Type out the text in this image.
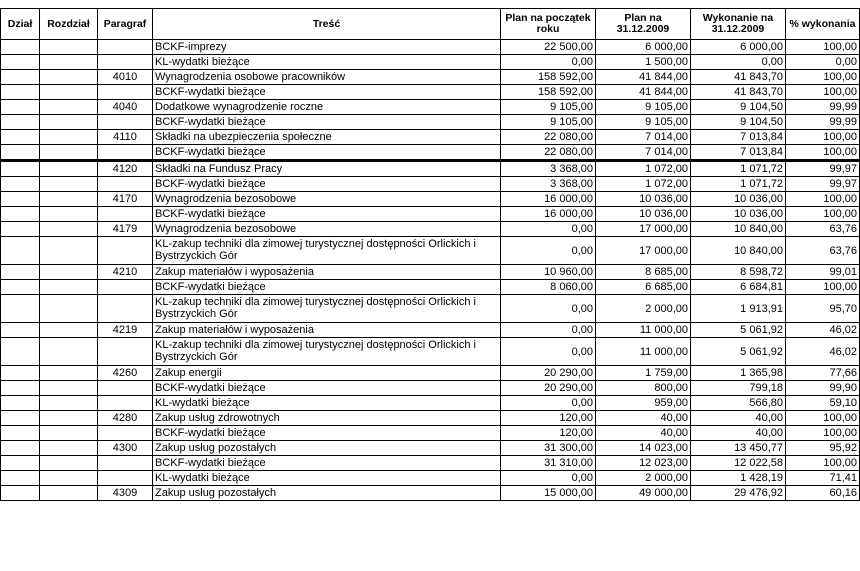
Dział	Rozdział	Paragraf	Treść	Plan na początek roku	Plan na 31.12.2009	Wykonanie na 31.12.2009	% wykonania
			BCKF-imprezy	22 500,00	6 000,00	6 000,00	100,00
			KL-wydatki bieżące	0,00	1 500,00	0,00	0,00
		4010	Wynagrodzenia osobowe pracowników	158 592,00	41 844,00	41 843,70	100,00
			BCKF-wydatki bieżące	158 592,00	41 844,00	41 843,70	100,00
		4040	Dodatkowe wynagrodzenie roczne	9 105,00	9 105,00	9 104,50	99,99
			BCKF-wydatki bieżące	9 105,00	9 105,00	9 104,50	99,99
		4110	Składki na ubezpieczenia społeczne	22 080,00	7 014,00	7 013,84	100,00
			BCKF-wydatki bieżące	22 080,00	7 014,00	7 013,84	100,00
		4120	Składki na Fundusz Pracy	3 368,00	1 072,00	1 071,72	99,97
			BCKF-wydatki bieżące	3 368,00	1 072,00	1 071,72	99,97
		4170	Wynagrodzenia bezosobowe	16 000,00	10 036,00	10 036,00	100,00
			BCKF-wydatki bieżące	16 000,00	10 036,00	10 036,00	100,00
		4179	Wynagrodzenia bezosobowe	0,00	17 000,00	10 840,00	63,76
			KL-zakup techniki dla zimowej turystycznej dostępności Orlickich i Bystrzyckich Gór	0,00	17 000,00	10 840,00	63,76
		4210	Zakup materiałów i wyposażenia	10 960,00	8 685,00	8 598,72	99,01
			BCKF-wydatki bieżące	8 060,00	6 685,00	6 684,81	100,00
			KL-zakup techniki dla zimowej turystycznej dostępności Orlickich i Bystrzyckich Gór	0,00	2 000,00	1 913,91	95,70
		4219	Zakup materiałów i wyposażenia	0,00	11 000,00	5 061,92	46,02
			KL-zakup techniki dla zimowej turystycznej dostępności Orlickich i Bystrzyckich Gór	0,00	11 000,00	5 061,92	46,02
		4260	Zakup energii	20 290,00	1 759,00	1 365,98	77,66
			BCKF-wydatki bieżące	20 290,00	800,00	799,18	99,90
			KL-wydatki bieżące	0,00	959,00	566,80	59,10
		4280	Zakup usług zdrowotnych	120,00	40,00	40,00	100,00
			BCKF-wydatki bieżące	120,00	40,00	40,00	100,00
		4300	Zakup usług pozostałych	31 300,00	14 023,00	13 450,77	95,92
			BCKF-wydatki bieżące	31 310,00	12 023,00	12 022,58	100,00
			KL-wydatki bieżące	0,00	2 000,00	1 428,19	71,41
		4309	Zakup usług pozostałych	15 000,00	49 000,00	29 476,92	60,16
